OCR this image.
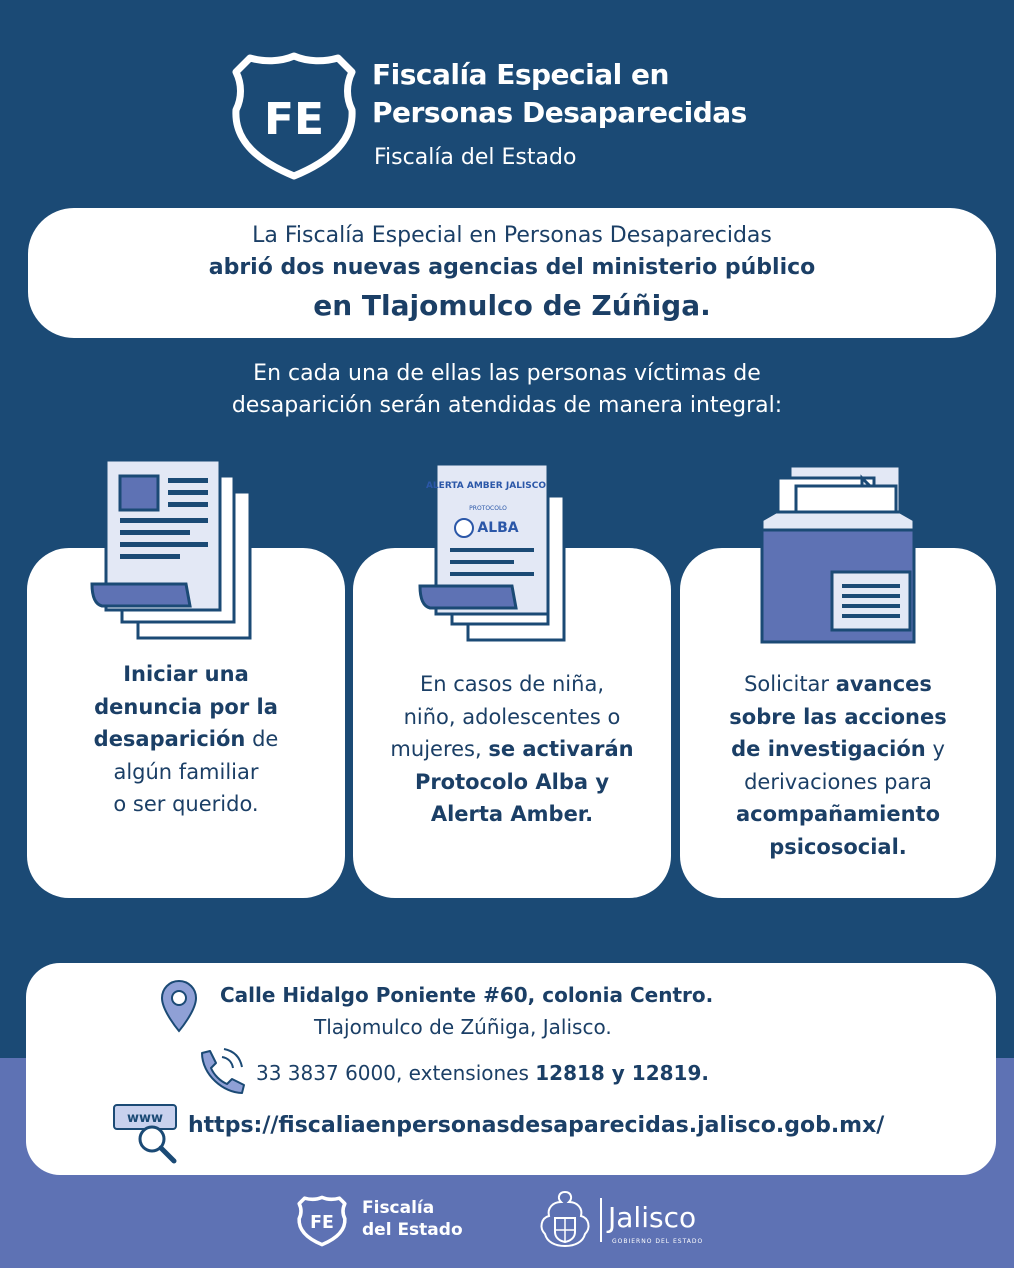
FE
Fiscalía Especial en
Personas Desaparecidas
Fiscalía del Estado
La Fiscalía Especial en Personas Desaparecidas
abrió dos nuevas agencias del ministerio público
en Tlajomulco de Zúñiga.
En cada una de ellas las personas víctimas de
desaparición serán atendidas de manera integral:
Iniciar una
denuncia por la
desaparición de
algún familiar
o ser querido.
En casos de niña,
niño, adolescentes o
mujeres, se activarán
Protocolo Alba y
Alerta Amber.
Solicitar avances
sobre las acciones
de investigación y
derivaciones para
acompañamiento
psicosocial.
ALERTA AMBER JALISCO
PROTOCOLO
ALBA
Calle Hidalgo Poniente #60, colonia Centro.
Tlajomulco de Zúñiga, Jalisco.
33 3837 6000, extensiones 12818 y 12819.
www https://fiscaliaenpersonasdesaparecidas.jalisco.gob.mx/
FE
Fiscalía
del Estado	Jalisco
GOBIERNO DEL ESTADO
